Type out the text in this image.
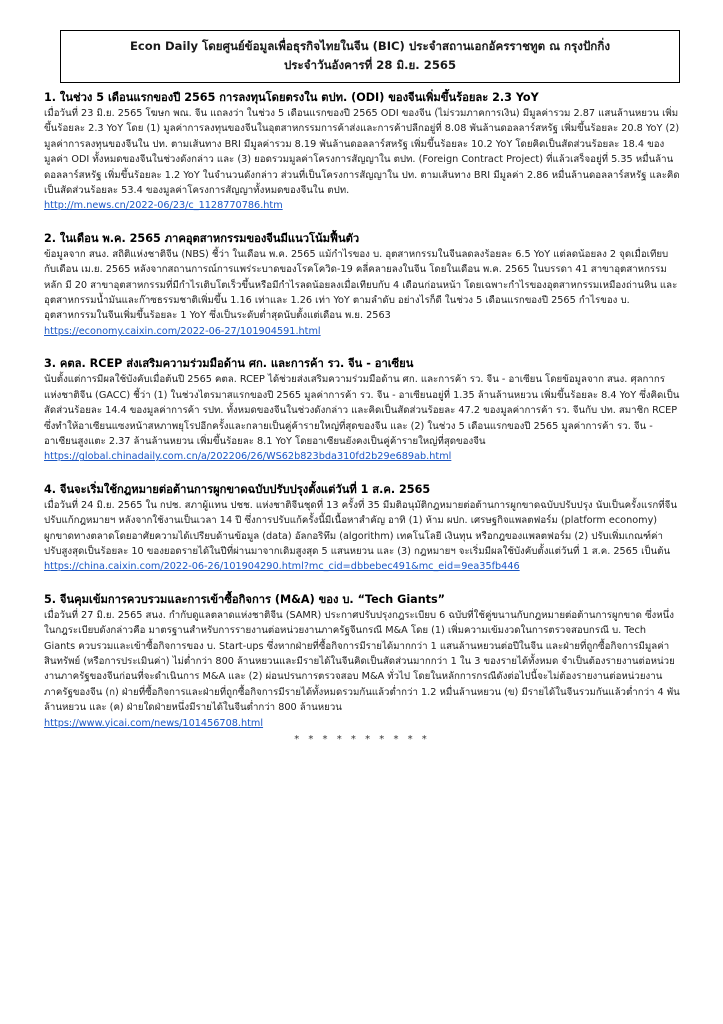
Econ Daily โดยศูนย์ข้อมูลเพื่อธุรกิจไทยในจีน (BIC) ประจำสถานเอกอัครราชทูต ณ กรุงปักกิ่ง
ประจำวันอังคารที่ 28 มิ.ย. 2565

1. ในช่วง 5 เดือนแรกของปี 2565 การลงทุนโดยตรงใน ตปท. (ODI) ของจีนเพิ่มขึ้นร้อยละ 2.3 YoY

เมื่อวันที่ 23 มิ.ย. 2565 โฆษก พณ. จีน แถลงว่า ในช่วง 5 เดือนแรกของปี 2565 ODI ของจีน (ไม่รวมภาคการเงิน) มีมูลค่ารวม 2.87 แสนล้านหยวน เพิ่มขึ้นร้อยละ 2.3 YoY โดย (1) มูลค่าการลงทุนของจีนในอุตสาหกรรมการค้าส่งและการค้าปลีกอยู่ที่ 8.08 พันล้านดอลลาร์สหรัฐ เพิ่มขึ้นร้อยละ 20.8 YoY (2) มูลค่าการลงทุนของจีนใน ปท. ตามเส้นทาง BRI มีมูลค่ารวม 8.19 พันล้านดอลลาร์สหรัฐ เพิ่มขึ้นร้อยละ 10.2 YoY โดยคิดเป็นสัดส่วนร้อยละ 18.4 ของมูลค่า ODI ทั้งหมดของจีนในช่วงดังกล่าว และ (3) ยอดรวมมูลค่าโครงการสัญญาใน ตปท. (Foreign Contract Project) ที่แล้วเสร็จอยู่ที่ 5.35 หมื่นล้านดอลลาร์สหรัฐ เพิ่มขึ้นร้อยละ 1.2 YoY ในจำนวนดังกล่าว ส่วนที่เป็นโครงการสัญญาใน ปท. ตามเส้นทาง BRI มีมูลค่า 2.86 หมื่นล้านดอลลาร์สหรัฐ และคิดเป็นสัดส่วนร้อยละ 53.4 ของมูลค่าโครงการสัญญาทั้งหมดของจีนใน ตปท.

http://m.news.cn/2022-06/23/c_1128770786.htm

2. ในเดือน พ.ค. 2565 ภาคอุตสาหกรรมของจีนมีแนวโน้มฟื้นตัว

ข้อมูลจาก สนง. สถิติแห่งชาติจีน (NBS) ชี้ว่า ในเดือน พ.ค. 2565 แม้กำไรของ บ. อุตสาหกรรมในจีนลดลงร้อยละ 6.5 YoY แต่ลดน้อยลง 2 จุดเมื่อเทียบกับเดือน เม.ย. 2565 หลังจากสถานการณ์การแพร่ระบาดของโรคโควิด-19 คลี่คลายลงในจีน โดยในเดือน พ.ค. 2565 ในบรรดา 41 สาขาอุตสาหกรรมหลัก มี 20 สาขาอุตสาหกรรมที่มีกำไรเติบโตเร็วขึ้นหรือมีกำไรลดน้อยลงเมื่อเทียบกับ 4 เดือนก่อนหน้า โดยเฉพาะกำไรของอุตสาหกรรมเหมืองถ่านหิน และอุตสาหกรรมน้ำมันและก๊าซธรรมชาติเพิ่มขึ้น 1.16 เท่าและ 1.26 เท่า YoY ตามลำดับ อย่างไรก็ดี ในช่วง 5 เดือนแรกของปี 2565 กำไรของ บ. อุตสาหกรรมในจีนเพิ่มขึ้นร้อยละ 1 YoY ซึ่งเป็นระดับต่ำสุดนับตั้งแต่เดือน พ.ย. 2563

https://economy.caixin.com/2022-06-27/101904591.html

3. คตล. RCEP ส่งเสริมความร่วมมือด้าน ศก. และการค้า รว. จีน - อาเซียน

นับตั้งแต่การมีผลใช้บังคับเมื่อต้นปี 2565 คตล. RCEP ได้ช่วยส่งเสริมความร่วมมือด้าน ศก. และการค้า รว. จีน - อาเซียน โดยข้อมูลจาก สนง. ศุลกากรแห่งชาติจีน (GACC) ชี้ว่า (1) ในช่วงไตรมาสแรกของปี 2565 มูลค่าการค้า รว. จีน - อาเซียนอยู่ที่ 1.35 ล้านล้านหยวน เพิ่มขึ้นร้อยละ 8.4 YoY ซึ่งคิดเป็นสัดส่วนร้อยละ 14.4 ของมูลค่าการค้า รปท. ทั้งหมดของจีนในช่วงดังกล่าว และคิดเป็นสัดส่วนร้อยละ 47.2 ของมูลค่าการค้า รว. จีนกับ ปท. สมาชิก RCEP ซึ่งทำให้อาเซียนแซงหน้าสหภาพยุโรปอีกครั้งและกลายเป็นคู่ค้ารายใหญ่ที่สุดของจีน และ (2) ในช่วง 5 เดือนแรกของปี 2565 มูลค่าการค้า รว. จีน - อาเซียนสูงแตะ 2.37 ล้านล้านหยวน เพิ่มขึ้นร้อยละ 8.1 YoY โดยอาเซียนยังคงเป็นคู่ค้ารายใหญ่ที่สุดของจีน

https://global.chinadaily.com.cn/a/202206/26/WS62b823bda310fd2b29e689ab.html

4. จีนจะเริ่มใช้กฎหมายต่อต้านการผูกขาดฉบับปรับปรุงตั้งแต่วันที่ 1 ส.ค. 2565

เมื่อวันที่ 24 มิ.ย. 2565 ใน กปช. สภาผู้แทน ปชช. แห่งชาติจีนชุดที่ 13 ครั้งที่ 35 มีมติอนุมัติกฎหมายต่อต้านการผูกขาดฉบับปรับปรุง นับเป็นครั้งแรกที่จีนปรับแก้กฎหมายฯ หลังจากใช้งานเป็นเวลา 14 ปี ซึ่งการปรับแก้ครั้งนี้มีเนื้อหาสำคัญ อาทิ (1) ห้าม ผปก. เศรษฐกิจแพลตฟอร์ม (platform economy) ผูกขาดทางตลาดโดยอาศัยความได้เปรียบด้านข้อมูล (data) อัลกอริทึม (algorithm) เทคโนโลยี เงินทุน หรือกฎของแพลตฟอร์ม (2) ปรับเพิ่มเกณฑ์ค่าปรับสูงสุดเป็นร้อยละ 10 ของยอดรายได้ในปีที่ผ่านมาจากเดิมสูงสุด 5 แสนหยวน และ (3) กฎหมายฯ จะเริ่มมีผลใช้บังคับตั้งแต่วันที่ 1 ส.ค. 2565 เป็นต้น

https://china.caixin.com/2022-06-26/101904290.html?mc_cid=dbbebec491&mc_eid=9ea35fb446

5. จีนคุมเข้มการควบรวมและการเข้าซื้อกิจการ (M&A) ของ บ. “Tech Giants”

เมื่อวันที่ 27 มิ.ย. 2565 สนง. กำกับดูแลตลาดแห่งชาติจีน (SAMR) ประกาศปรับปรุงกฎระเบียบ 6 ฉบับที่ใช้คู่ขนานกับกฎหมายต่อต้านการผูกขาด ซึ่งหนึ่งในกฎระเบียบดังกล่าวคือ มาตรฐานสำหรับการรายงานต่อหน่วยงานภาครัฐจีนกรณี M&A โดย (1) เพิ่มความเข้มงวดในการตรวจสอบกรณี บ. Tech Giants ควบรวมและเข้าซื้อกิจการของ บ. Start-ups ซึ่งหากฝ่ายที่ซื้อกิจการมีรายได้มากกว่า 1 แสนล้านหยวนต่อปีในจีน และฝ่ายที่ถูกซื้อกิจการมีมูลค่าสินทรัพย์ (หรือการประเมินค่า) ไม่ต่ำกว่า 800 ล้านหยวนและมีรายได้ในจีนคิดเป็นสัดส่วนมากกว่า 1 ใน 3 ของรายได้ทั้งหมด จำเป็นต้องรายงานต่อหน่วยงานภาครัฐของจีนก่อนที่จะดำเนินการ M&A และ (2) ผ่อนปรนการตรวจสอบ M&A ทั่วไป โดยในหลักการกรณีดังต่อไปนี้จะไม่ต้องรายงานต่อหน่วยงานภาครัฐของจีน (ก) ฝ่ายที่ซื้อกิจการและฝ่ายที่ถูกซื้อกิจการมีรายได้ทั้งหมดรวมกันแล้วต่ำกว่า 1.2 หมื่นล้านหยวน (ข) มีรายได้ในจีนรวมกันแล้วต่ำกว่า 4 พันล้านหยวน และ (ค) ฝ่ายใดฝ่ายหนึ่งมีรายได้ในจีนต่ำกว่า 800 ล้านหยวน

https://www.yicai.com/news/101456708.html
* * * * * * * * * *
